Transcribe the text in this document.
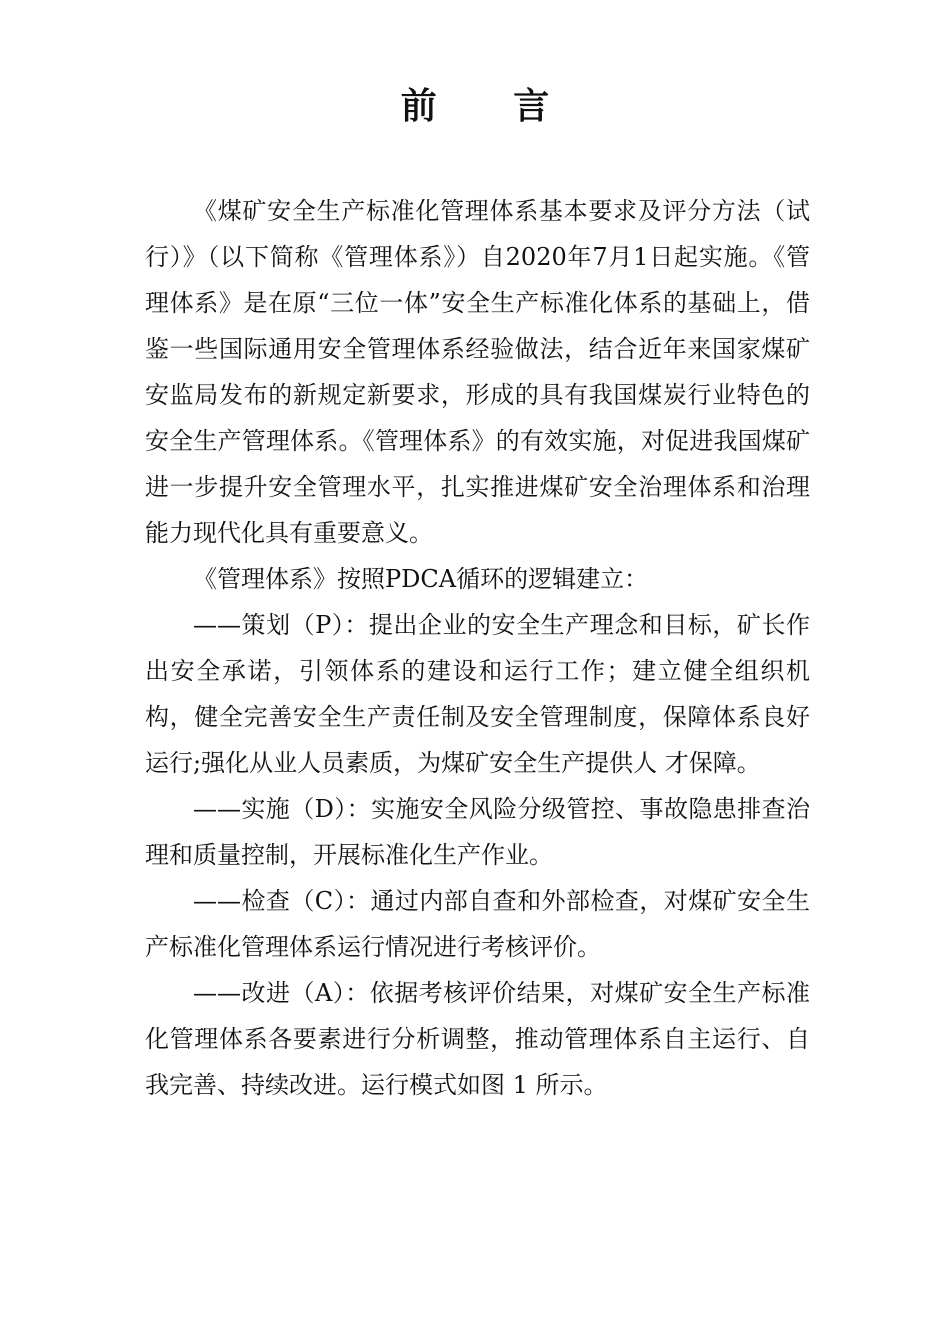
前 言

《煤矿安全生产标准化管理体系基本要求及评分方法（试行）》（以下简称《管理体系》）自2020年7月1日起实施。《管理体系》是在原“三位一体”安全生产标准化体系的基础上，借鉴一些国际通用安全管理体系经验做法，结合近年来国家煤矿安监局发布的新规定新要求，形成的具有我国煤炭行业特色的安全生产管理体系。《管理体系》的有效实施，对促进我国煤矿进一步提升安全管理水平，扎实推进煤矿安全治理体系和治理能力现代化具有重要意义。

《管理体系》按照PDCA循环的逻辑建立：

——策划（P）：提出企业的安全生产理念和目标，矿长作出安全承诺，引领体系的建设和运行工作；建立健全组织机构，健全完善安全生产责任制及安全管理制度，保障体系良好运行;强化从业人员素质，为煤矿安全生产提供人 才保障。

——实施（D）：实施安全风险分级管控、事故隐患排查治理和质量控制，开展标准化生产作业。

——检查（C）：通过内部自查和外部检查，对煤矿安全生产标准化管理体系运行情况进行考核评价。

——改进（A）：依据考核评价结果，对煤矿安全生产标准化管理体系各要素进行分析调整，推动管理体系自主运行、自我完善、持续改进。运行模式如图 1 所示。
